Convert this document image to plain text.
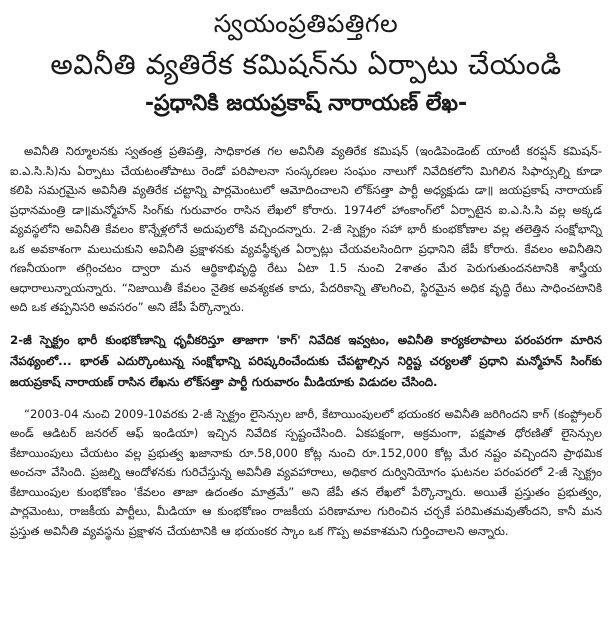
స్వయంప్రతిపత్తిగల
అవినీతి వ్యతిరేక కమిషన్‌ను ఏర్పాటు చేయండి
-ప్రధానికి జయప్రకాష్ నారాయణ్ లేఖ-

అవినీతి నిర్మూలనకు స్వతంత్ర ప్రతిపత్తి, సాధికారత గల అవినీతి వ్యతిరేక కమిషన్ (ఇండిపెండెంట్ యాంటీ కరప్షన్ కమిషన్-ఐ.ఎ.సి.సి)ను ఏర్పాటు చేయటంతోపాటు రెండో పరిపాలనా సంస్కరణల సంఘం నాలుగో నివేదికలోని మిగిలిన సిఫార్సుల్ని కూడా కలిపి సమగ్రమైన అవినీతి వ్యతిరేక చట్టాన్ని పార్లమెంటులో ఆమోదించాలని లోక్‌సత్తా పార్టీ అధ్యక్షుడు డా॥ జయప్రకాష్ నారాయణ్ ప్రధానమంత్రి డా॥మన్మోహన్ సింగ్‌కు గురువారం రాసిన లేఖలో కోరారు. 1974లో హాంకాంగ్‌లో ఏర్పాటైన ఐ.ఎ.సి.సి వల్ల అక్కడ వ్యవస్థలోని అవినీతి కేవలం కొన్నేళ్లలోనే అదుపులోకి వచ్చిందన్నారు. 2-జీ స్పెక్ట్రం సహా భారీ కుంభకోణాల వల్ల తలెత్తిన సంక్షోభాన్ని ఒక అవకాశంగా మలుచుకుని అవినీతి ప్రక్షాళనకు వ్యవస్థీకృత ఏర్పాట్లు చేయవలసిందిగా ప్రధానిని జేపీ కోరారు. కేవలం అవినీతిని గణనీయంగా తగ్గించటం ద్వారా మన ఆర్థికాభివృద్ధి రేటు ఏటా 1.5 నుంచి 2శాతం మేర పెరుగుతుందనటానికి శాస్త్రీయ ఆధారాలున్నాయన్నారు. “నిజాయితీ కేవలం నైతిక అవశ్యకత కాదు, పేదరికాన్ని తొలగించి, స్థిరమైన అధిక వృద్ధి రేటు సాధించటానికి అది ఒక తప్పనిసరి అవసరం” అని జేపీ పేర్కొన్నారు.

2-జీ స్పెక్ట్రం భారీ కుంభకోణాన్ని ధృవీకరిస్తూ తాజాగా 'కాగ్' నివేదిక ఇవ్వటం, అవినీతి కార్యకలాపాలు పరంపరగా మారిన నేపథ్యంలో... భారత్ ఎదుర్కొంటున్న సంక్షోభాన్ని పరిష్కరించేందుకు చేపట్టాల్సిన నిర్దిష్ట చర్యలతో ప్రధాని మన్మోహన్ సింగ్‌కు జయప్రకాష్ నారాయణ్ రాసిన లేఖను లోక్‌సత్తా పార్టీ గురువారం మీడియాకు విడుదల చేసింది.

“2003-04 నుంచి 2009-10వరకు 2-జీ స్పెక్ట్రం లైసెన్సుల జారీ, కేటాయింపులలో భయంకర అవినీతి జరిగిందని కాగ్ (కంప్ట్రోలర్ అండ్ ఆడిటర్ జనరల్ ఆఫ్ ఇండియా) ఇచ్చిన నివేదిక స్పష్టంచేసింది. ఏకపక్షంగా, అక్రమంగా, పక్షపాత ధోరణితో లైసెన్సుల కేటాయింపులు చేయటం వల్ల ప్రభుత్వ ఖజానాకు రూ.58,000 కోట్ల నుంచి రూ.152,000 కోట్ల మేర నష్టం వచ్చిందని ప్రాథమిక అంచనా వేసింది. ప్రజల్ని ఆందోళనకు గురిచేస్తున్న అవినీతి వ్యవహారాలు, అధికార దుర్వినియోగం ఘటనల పరంపరలో 2-జీ స్పెక్ట్రం కేటాయింపుల కుంభకోణం 'కేవలం తాజా ఉదంతం మాత్రమే” అని జేపీ తన లేఖలో పేర్కొన్నారు. అయితే ప్రస్తుతం ప్రభుత్వం, పార్లమెంటు, రాజకీయ పార్టీలు, మీడియా ఆ కుంభకోణం రాజకీయ పరిణామాల గురించిన చర్చకే పరిమితమవుతోందని, కానీ మన ప్రస్తుత అవినీతి వ్యవస్థను ప్రక్షాళన చేయటానికి ఆ భయంకర స్కాం ఒక గొప్ప అవకాశమని గుర్తించాలని అన్నారు.
